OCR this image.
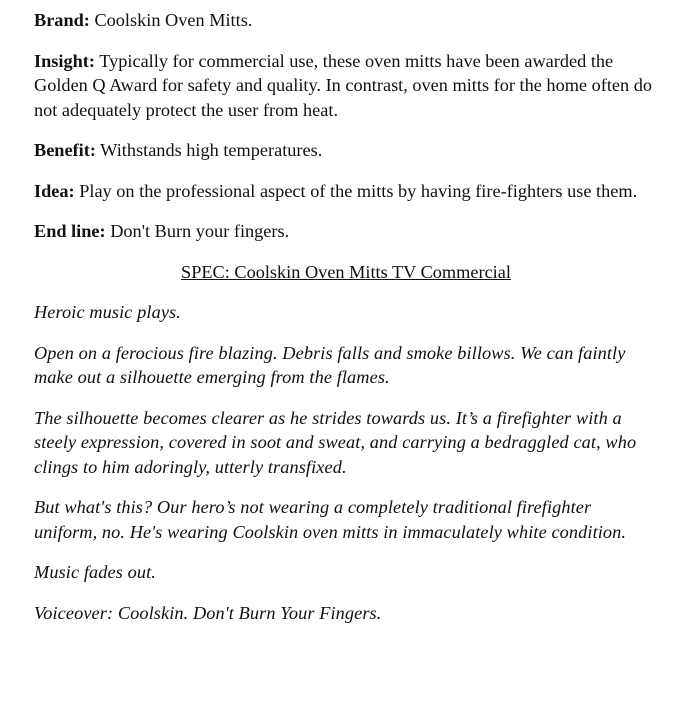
Brand: Coolskin Oven Mitts.

Insight: Typically for commercial use, these oven mitts have been awarded the Golden Q Award for safety and quality. In contrast, oven mitts for the home often do not adequately protect the user from heat.

Benefit: Withstands high temperatures.

Idea: Play on the professional aspect of the mitts by having fire-fighters use them.

End line: Don't Burn your fingers.

SPEC: Coolskin Oven Mitts TV Commercial

Heroic music plays.

Open on a ferocious fire blazing. Debris falls and smoke billows. We can faintly make out a silhouette emerging from the flames.

The silhouette becomes clearer as he strides towards us. It’s a firefighter with a steely expression, covered in soot and sweat, and carrying a bedraggled cat, who clings to him adoringly, utterly transfixed.

But what's this? Our hero’s not wearing a completely traditional firefighter uniform, no. He's wearing Coolskin oven mitts in immaculately white condition.

Music fades out.

Voiceover: Coolskin. Don't Burn Your Fingers.
